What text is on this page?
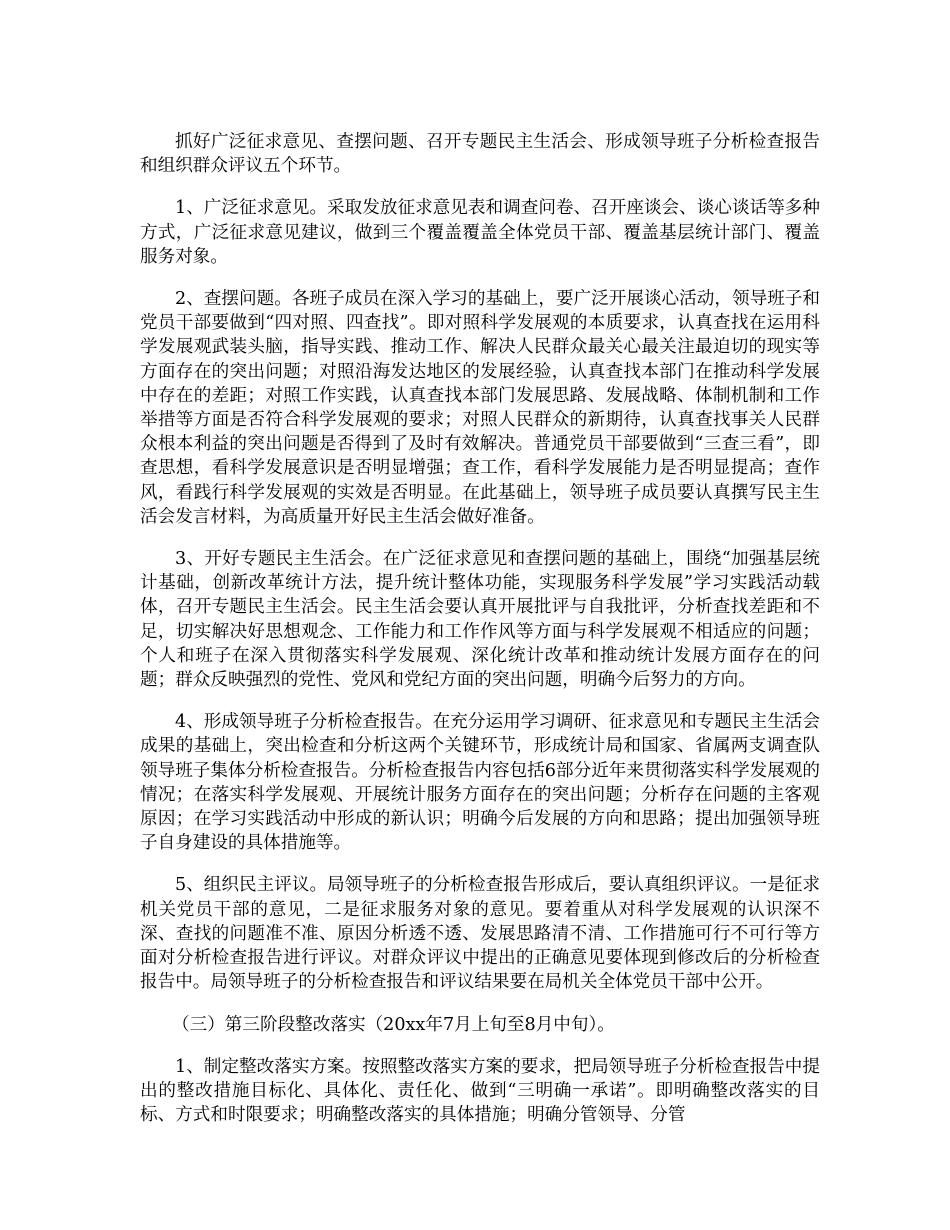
抓好广泛征求意见、查摆问题、召开专题民主生活会、形成领导班子分析检查报告和组织群众评议五个环节。

1、广泛征求意见。采取发放征求意见表和调查问卷、召开座谈会、谈心谈话等多种方式，广泛征求意见建议，做到三个覆盖覆盖全体党员干部、覆盖基层统计部门、覆盖服务对象。

2、查摆问题。各班子成员在深入学习的基础上，要广泛开展谈心活动，领导班子和党员干部要做到“四对照、四查找”。即对照科学发展观的本质要求，认真查找在运用科学发展观武装头脑，指导实践、推动工作、解决人民群众最关心最关注最迫切的现实等方面存在的突出问题；对照沿海发达地区的发展经验，认真查找本部门在推动科学发展中存在的差距；对照工作实践，认真查找本部门发展思路、发展战略、体制机制和工作举措等方面是否符合科学发展观的要求；对照人民群众的新期待，认真查找事关人民群众根本利益的突出问题是否得到了及时有效解决。普通党员干部要做到“三查三看”，即查思想，看科学发展意识是否明显增强；查工作，看科学发展能力是否明显提高；查作风，看践行科学发展观的实效是否明显。在此基础上，领导班子成员要认真撰写民主生活会发言材料，为高质量开好民主生活会做好准备。

3、开好专题民主生活会。在广泛征求意见和查摆问题的基础上，围绕“加强基层统计基础，创新改革统计方法，提升统计整体功能，实现服务科学发展”学习实践活动载体，召开专题民主生活会。民主生活会要认真开展批评与自我批评，分析查找差距和不足，切实解决好思想观念、工作能力和工作作风等方面与科学发展观不相适应的问题；个人和班子在深入贯彻落实科学发展观、深化统计改革和推动统计发展方面存在的问题；群众反映强烈的党性、党风和党纪方面的突出问题，明确今后努力的方向。

4、形成领导班子分析检查报告。在充分运用学习调研、征求意见和专题民主生活会成果的基础上，突出检查和分析这两个关键环节，形成统计局和国家、省属两支调查队领导班子集体分析检查报告。分析检查报告内容包括6部分近年来贯彻落实科学发展观的情况；在落实科学发展观、开展统计服务方面存在的突出问题；分析存在问题的主客观原因；在学习实践活动中形成的新认识；明确今后发展的方向和思路；提出加强领导班子自身建设的具体措施等。

5、组织民主评议。局领导班子的分析检查报告形成后，要认真组织评议。一是征求机关党员干部的意见，二是征求服务对象的意见。要着重从对科学发展观的认识深不深、查找的问题准不准、原因分析透不透、发展思路清不清、工作措施可行不可行等方面对分析检查报告进行评议。对群众评议中提出的正确意见要体现到修改后的分析检查报告中。局领导班子的分析检查报告和评议结果要在局机关全体党员干部中公开。

（三）第三阶段整改落实（20xx年7月上旬至8月中旬）。

1、制定整改落实方案。按照整改落实方案的要求，把局领导班子分析检查报告中提出的整改措施目标化、具体化、责任化、做到“三明确一承诺”。即明确整改落实的目标、方式和时限要求；明确整改落实的具体措施；明确分管领导、分管
